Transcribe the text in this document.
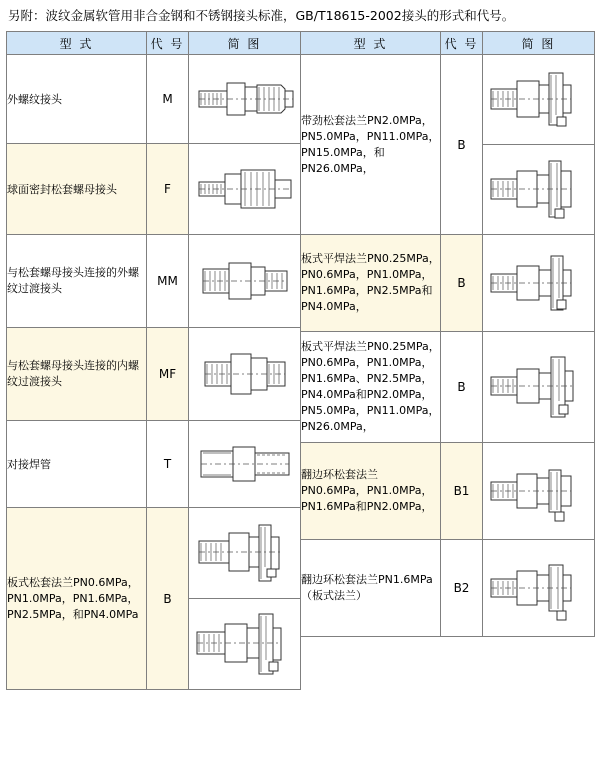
另附：波纹金属软管用非合金钢和不锈钢接头标准，GB/T18615-2002接头的形式和代号。
型 式	代 号	简 图
外螺纹接头	M	

球面密封松套螺母接头	F	

与松套螺母接头连接的外螺纹过渡接头	MM	

与松套螺母接头连接的内螺纹过渡接头	MF	

对接焊管	T	

板式松套法兰PN0.6MPa，PN1.0MPa，PN1.6MPa，PN2.5MPa，和PN4.0MPa	B	

型 式	代 号	简 图
带劲松套法兰PN2.0MPa，PN5.0MPa，PN11.0MPa，PN15.0MPa，和PN26.0MPa，	B	

板式平焊法兰PN0.25MPa，PN0.6MPa，PN1.0MPa，PN1.6MPa，PN2.5MPa和PN4.0MPa，	B	

板式平焊法兰PN0.25MPa，PN0.6MPa，PN1.0MPa，PN1.6MPa、PN2.5MPa，PN4.0MPa和PN2.0MPa，PN5.0MPa，PN11.0MPa，PN26.0MPa，	B	

翻边环松套法兰PN0.6MPa，PN1.0MPa，PN1.6MPa和PN2.0MPa，	B1	

翻边环松套法兰PN1.6MPa（板式法兰）	B2	
